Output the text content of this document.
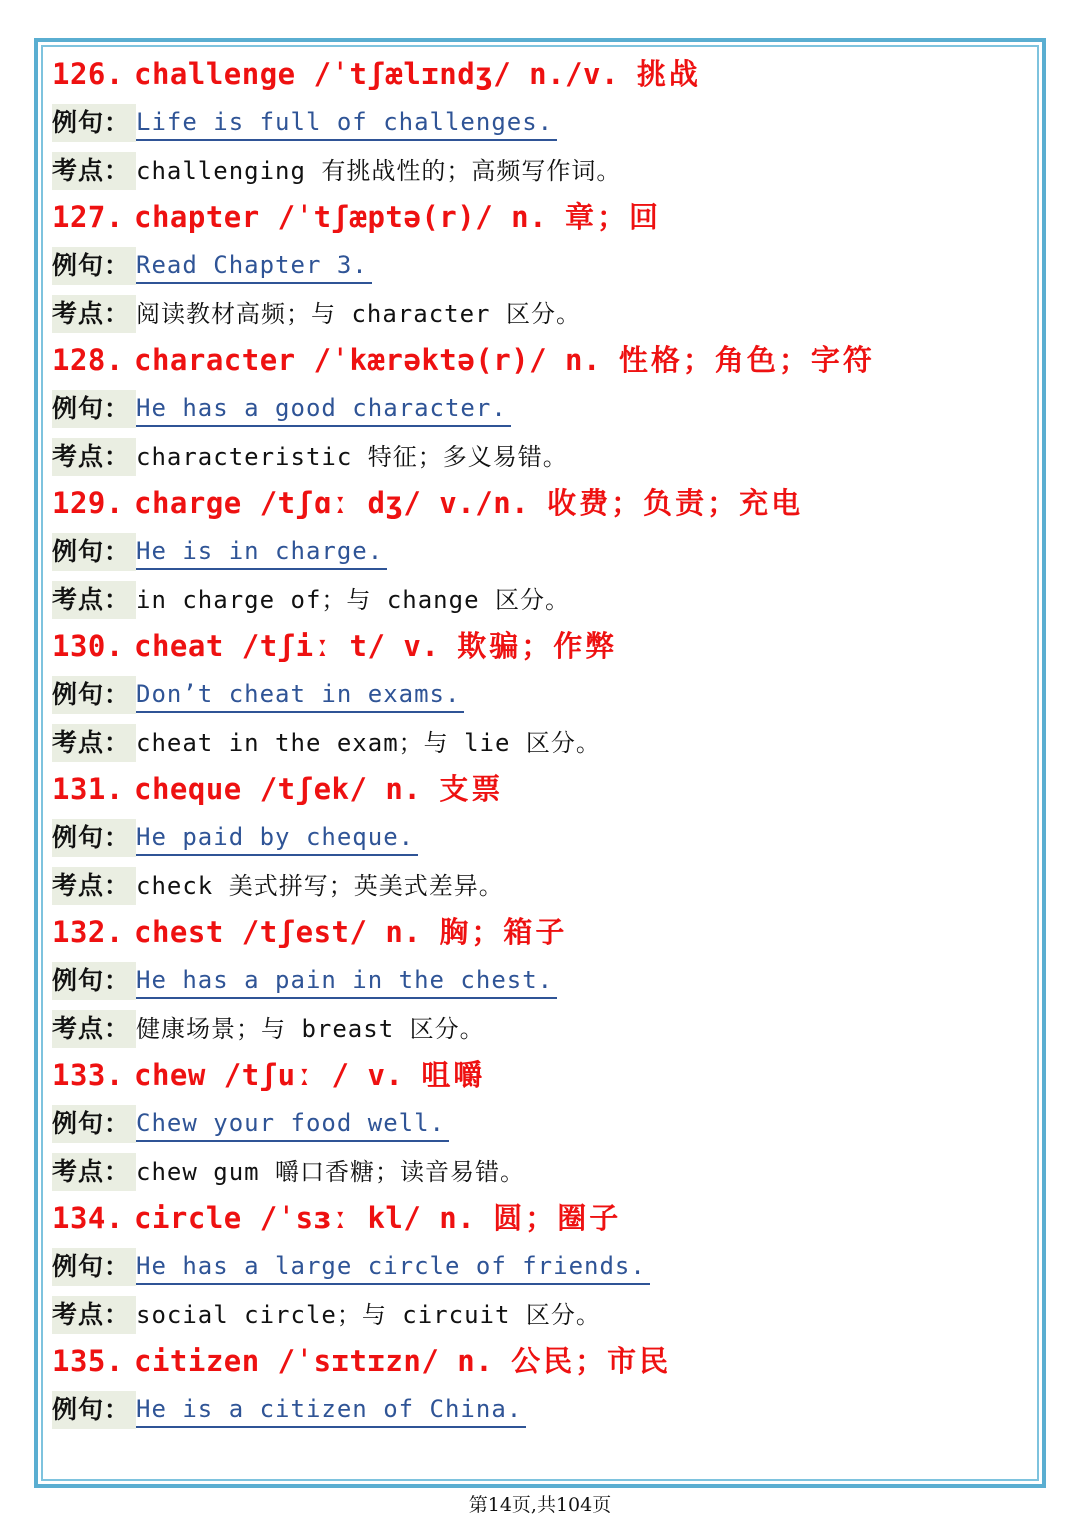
126. challenge /ˈtʃælɪndʒ/ n./v. 挑战
例句： Life is full of challenges.
考点： challenging 有挑战性的；高频写作词。
127. chapter /ˈtʃæptə(r)/ n. 章；回
例句： Read Chapter 3.
考点： 阅读教材高频；与 character 区分。
128. character /ˈkærəktə(r)/ n. 性格；角色；字符
例句： He has a good character.
考点： characteristic 特征；多义易错。
129. charge /tʃɑː dʒ/ v./n. 收费；负责；充电
例句： He is in charge.
考点： in charge of；与 change 区分。
130. cheat /tʃiː t/ v. 欺骗；作弊
例句： Don’t cheat in exams.
考点： cheat in the exam；与 lie 区分。
131. cheque /tʃek/ n. 支票
例句： He paid by cheque.
考点： check 美式拼写；英美式差异。
132. chest /tʃest/ n. 胸；箱子
例句： He has a pain in the chest.
考点： 健康场景；与 breast 区分。
133. chew /tʃuː / v. 咀嚼
例句： Chew your food well.
考点： chew gum 嚼口香糖；读音易错。
134. circle /ˈsɜː kl/ n. 圆；圈子
例句： He has a large circle of friends.
考点： social circle；与 circuit 区分。
135. citizen /ˈsɪtɪzn/ n. 公民；市民
例句： He is a citizen of China.
第14页,共104页
